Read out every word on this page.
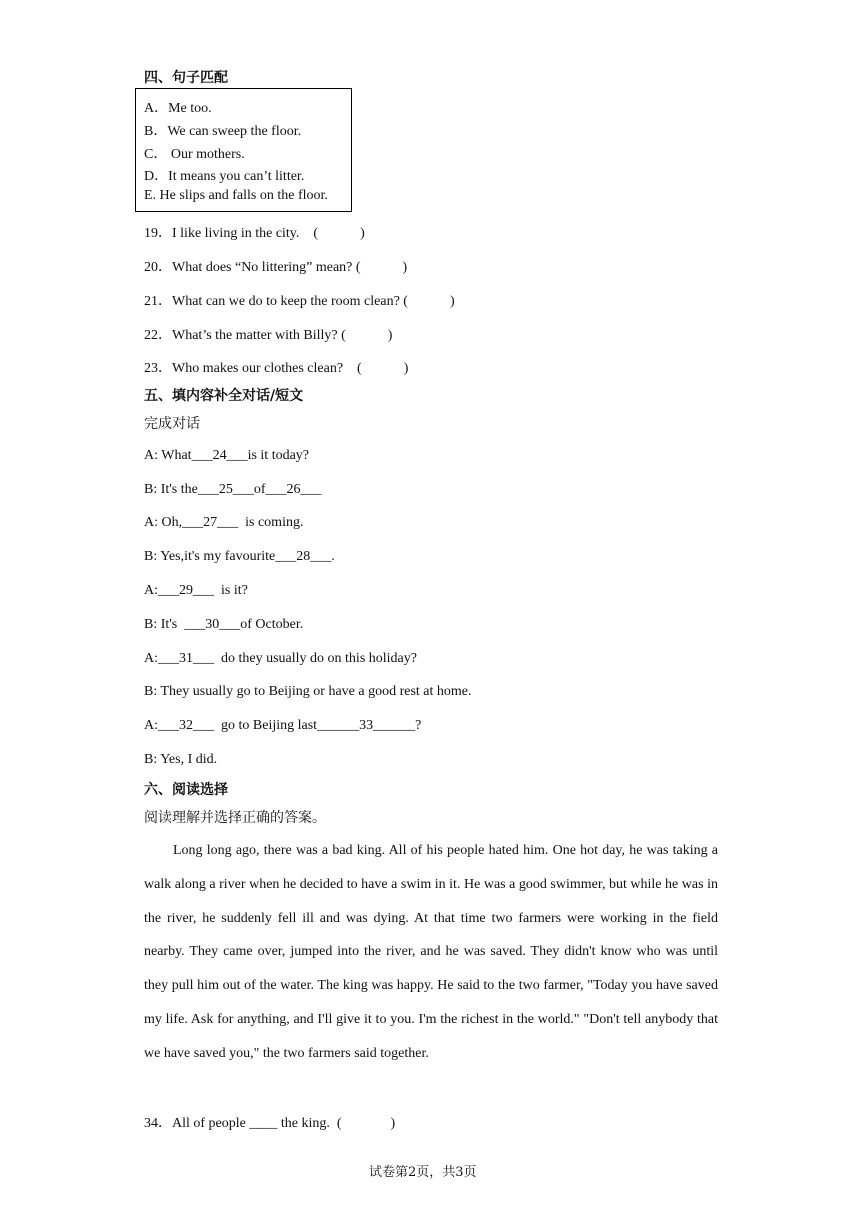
四、句子匹配
A．Me too.
B．We can sweep the floor.
C． Our mothers.
D．It means you can’t litter.
E. He slips and falls on the floor.
19．I like living in the city.    (            )
20．What does “No littering” mean? (            )
21．What can we do to keep the room clean? (            )
22．What’s the matter with Billy? (            )
23．Who makes our clothes clean?    (            )
五、填内容补全对话/短文
完成对话
A: What___24___is it today?
B: It's the___25___of___26___
A: Oh,___27___  is coming.
B: Yes,it's my favourite___28___.
A:___29___  is it?
B: It's  ___30___of October.
A:___31___  do they usually do on this holiday?
B: They usually go to Beijing or have a good rest at home.
A:___32___  go to Beijing last______33______?
B: Yes, I did.
六、阅读选择
阅读理解并选择正确的答案。
Long long ago, there was a bad king. All of his people hated him. One hot day, he was taking a walk along a river when he decided to have a swim in it. He was a good swimmer, but while he was in the river, he suddenly fell ill and was dying. At that time two farmers were working in the field nearby. They came over, jumped into the river, and he was saved. They didn't know who was until they pull him out of the water. The king was happy. He said to the two farmer, "Today you have saved my life. Ask for anything, and I'll give it to you. I'm the richest in the world." "Don't tell anybody that we have saved you," the two farmers said together.
34．All of people ____ the king.  (              )
试卷第2页，共3页
